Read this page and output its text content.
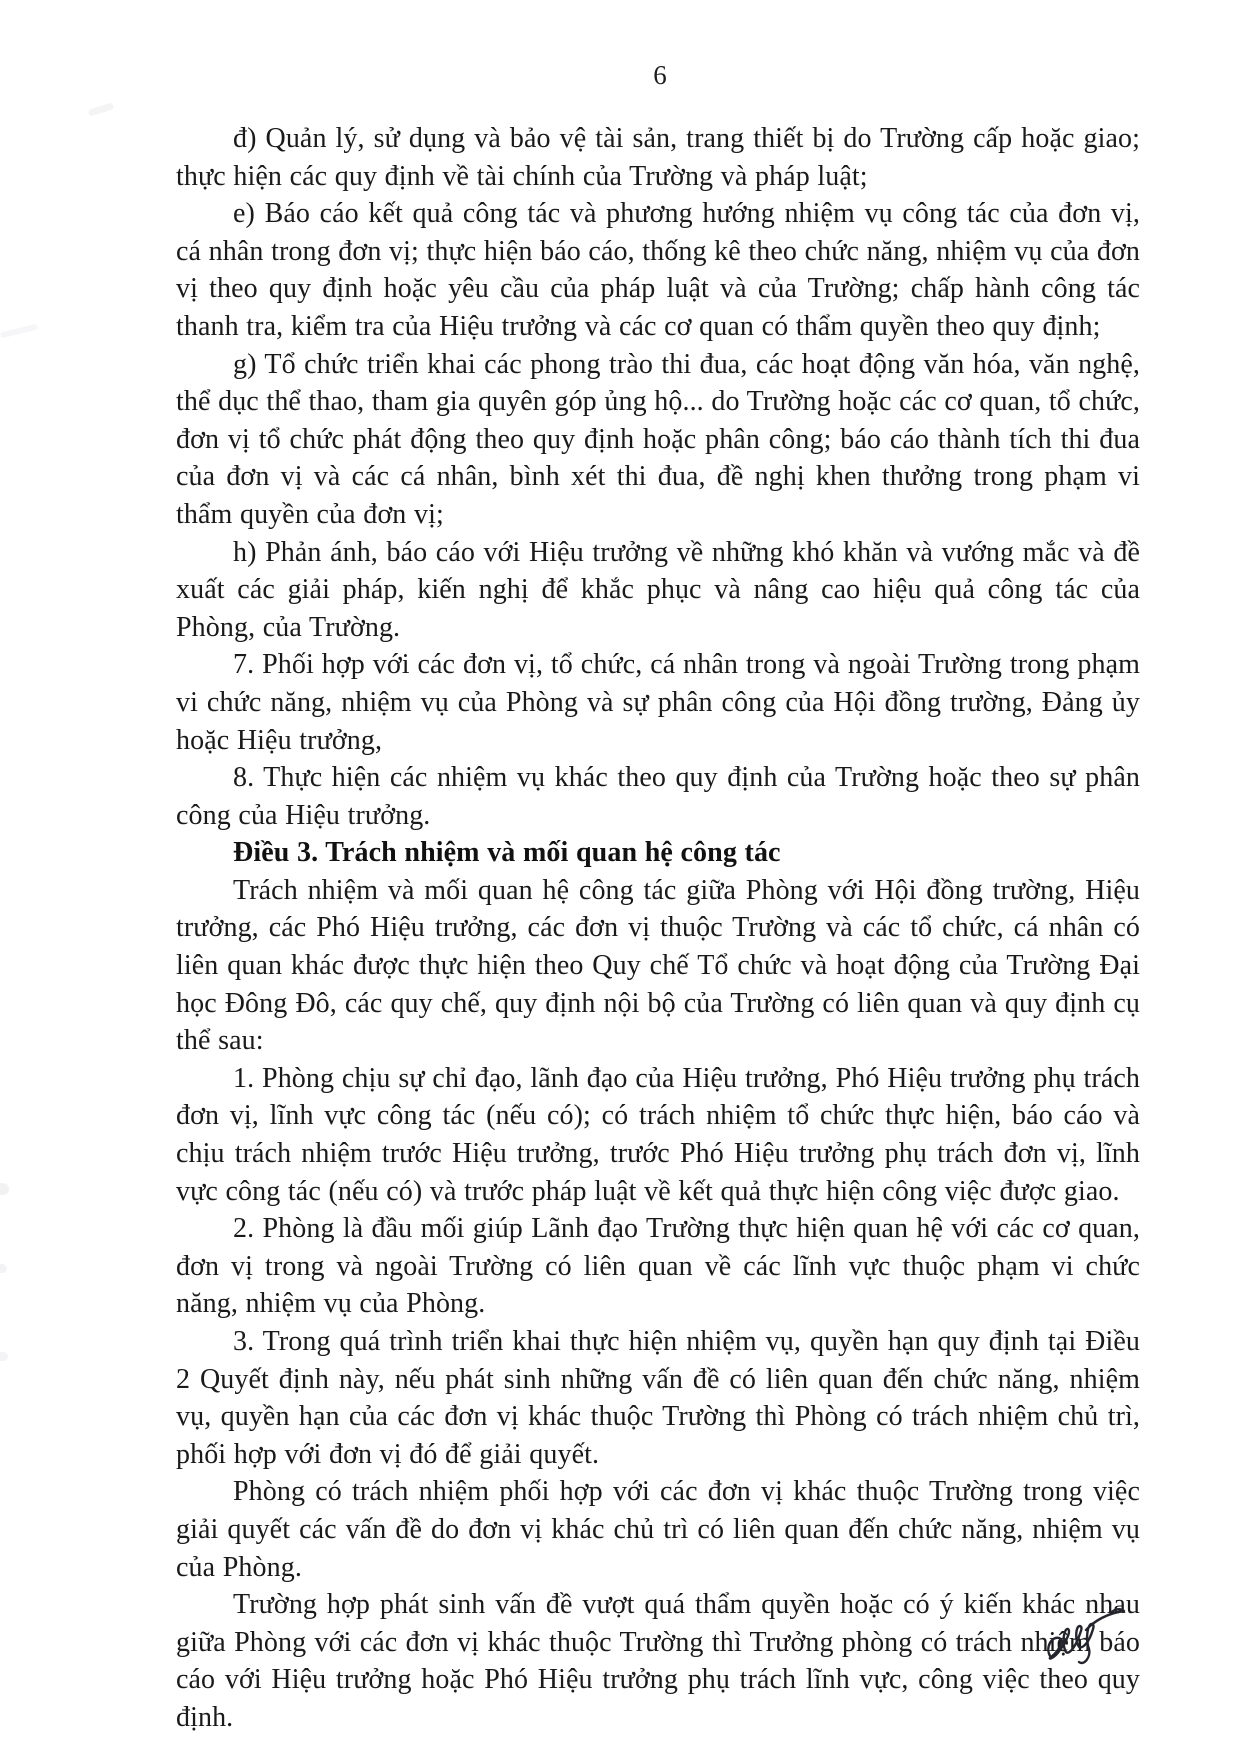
6

đ) Quản lý, sử dụng và bảo vệ tài sản, trang thiết bị do Trường cấp hoặc giao; thực hiện các quy định về tài chính của Trường và pháp luật;

e) Báo cáo kết quả công tác và phương hướng nhiệm vụ công tác của đơn vị, cá nhân trong đơn vị; thực hiện báo cáo, thống kê theo chức năng, nhiệm vụ của đơn vị theo quy định hoặc yêu cầu của pháp luật và của Trường; chấp hành công tác thanh tra, kiểm tra của Hiệu trưởng và các cơ quan có thẩm quyền theo quy định;

g) Tổ chức triển khai các phong trào thi đua, các hoạt động văn hóa, văn nghệ, thể dục thể thao, tham gia quyên góp ủng hộ... do Trường hoặc các cơ quan, tổ chức, đơn vị tổ chức phát động theo quy định hoặc phân công; báo cáo thành tích thi đua của đơn vị và các cá nhân, bình xét thi đua, đề nghị khen thưởng trong phạm vi thẩm quyền của đơn vị;

h) Phản ánh, báo cáo với Hiệu trưởng về những khó khăn và vướng mắc và đề xuất các giải pháp, kiến nghị để khắc phục và nâng cao hiệu quả công tác của Phòng, của Trường.

7. Phối hợp với các đơn vị, tổ chức, cá nhân trong và ngoài Trường trong phạm vi chức năng, nhiệm vụ của Phòng và sự phân công của Hội đồng trường, Đảng ủy hoặc Hiệu trưởng,

8. Thực hiện các nhiệm vụ khác theo quy định của Trường hoặc theo sự phân công của Hiệu trưởng.

Điều 3. Trách nhiệm và mối quan hệ công tác

Trách nhiệm và mối quan hệ công tác giữa Phòng với Hội đồng trường, Hiệu trưởng, các Phó Hiệu trưởng, các đơn vị thuộc Trường và các tổ chức, cá nhân có liên quan khác được thực hiện theo Quy chế Tổ chức và hoạt động của Trường Đại học Đông Đô, các quy chế, quy định nội bộ của Trường có liên quan và quy định cụ thể sau:

1. Phòng chịu sự chỉ đạo, lãnh đạo của Hiệu trưởng, Phó Hiệu trưởng phụ trách đơn vị, lĩnh vực công tác (nếu có); có trách nhiệm tổ chức thực hiện, báo cáo và chịu trách nhiệm trước Hiệu trưởng, trước Phó Hiệu trưởng phụ trách đơn vị, lĩnh vực công tác (nếu có) và trước pháp luật về kết quả thực hiện công việc được giao.

2. Phòng là đầu mối giúp Lãnh đạo Trường thực hiện quan hệ với các cơ quan, đơn vị trong và ngoài Trường có liên quan về các lĩnh vực thuộc phạm vi chức năng, nhiệm vụ của Phòng.

3. Trong quá trình triển khai thực hiện nhiệm vụ, quyền hạn quy định tại Điều 2 Quyết định này, nếu phát sinh những vấn đề có liên quan đến chức năng, nhiệm vụ, quyền hạn của các đơn vị khác thuộc Trường thì Phòng có trách nhiệm chủ trì, phối hợp với đơn vị đó để giải quyết.

Phòng có trách nhiệm phối hợp với các đơn vị khác thuộc Trường trong việc giải quyết các vấn đề do đơn vị khác chủ trì có liên quan đến chức năng, nhiệm vụ của Phòng.

Trường hợp phát sinh vấn đề vượt quá thẩm quyền hoặc có ý kiến khác nhau giữa Phòng với các đơn vị khác thuộc Trường thì Trưởng phòng có trách nhiệm báo cáo với Hiệu trưởng hoặc Phó Hiệu trưởng phụ trách lĩnh vực, công việc theo quy định.
